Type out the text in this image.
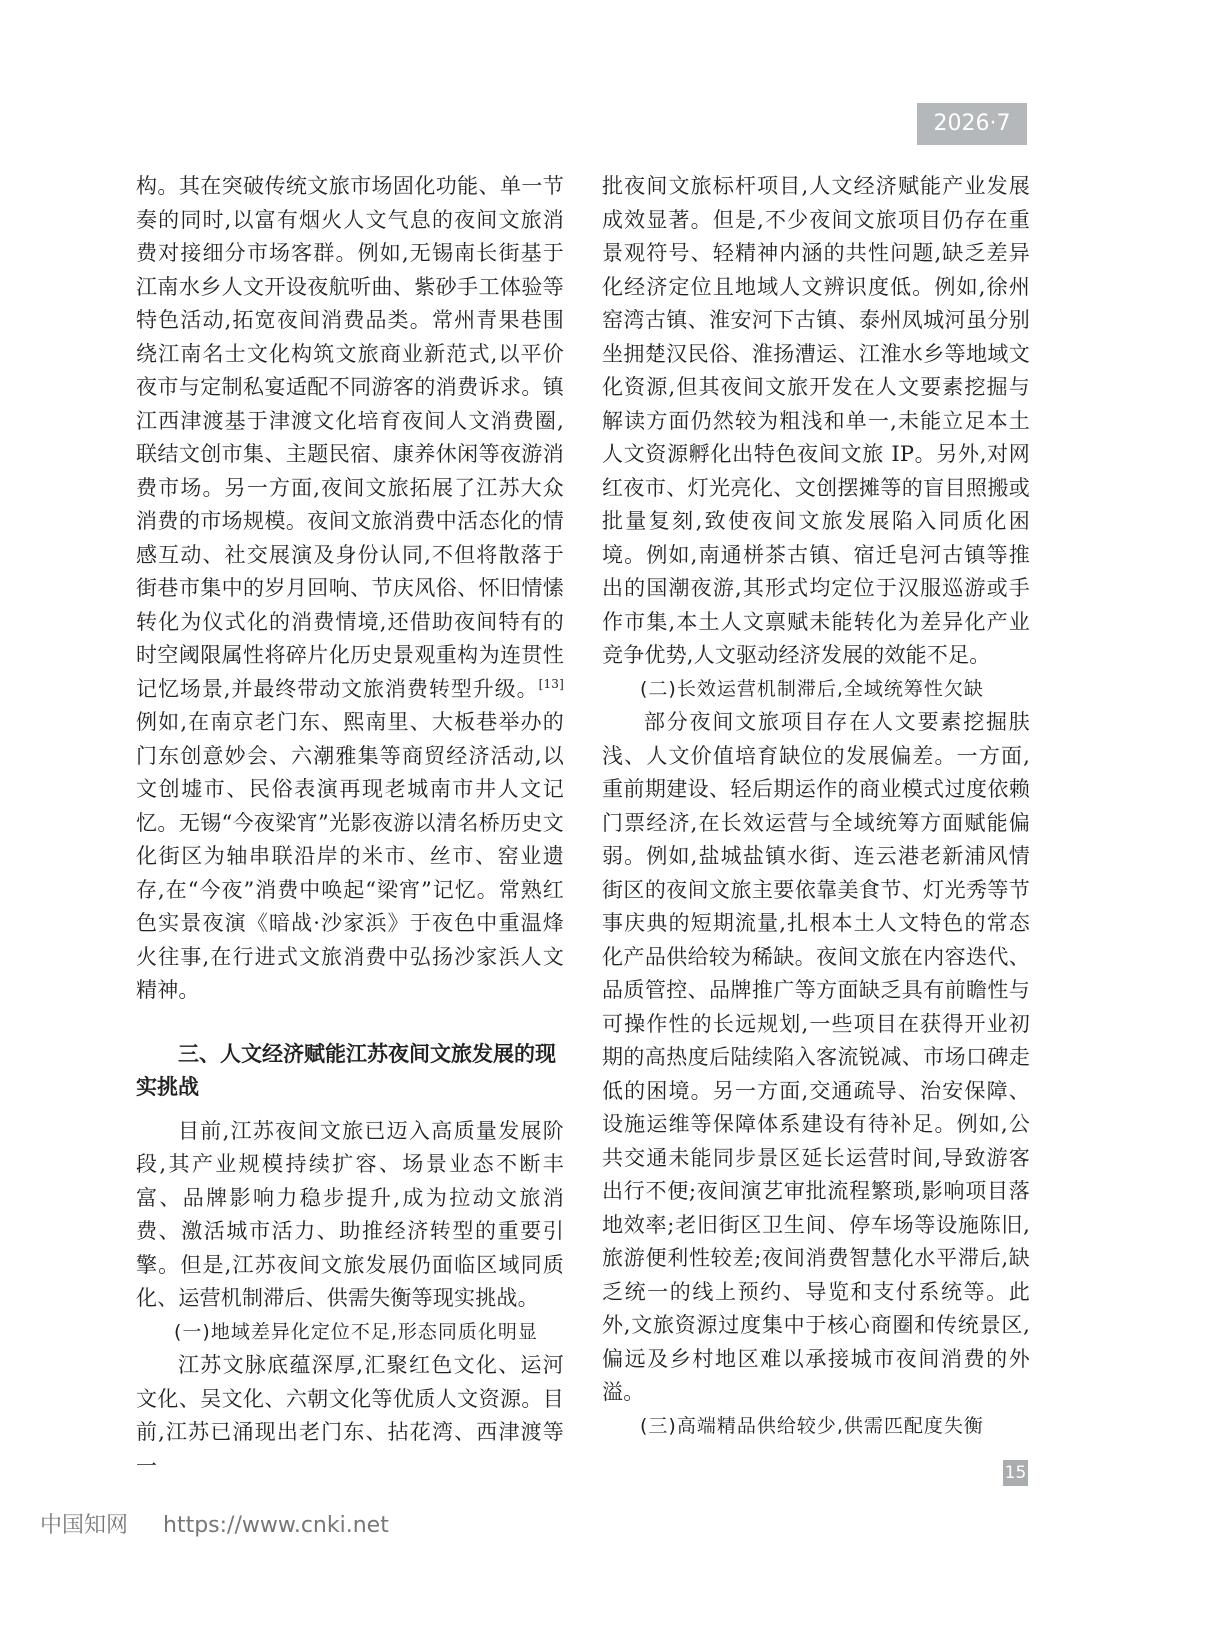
2026·7

构。其在突破传统文旅市场固化功能、单一节奏的同时,以富有烟火人文气息的夜间文旅消费对接细分市场客群。例如,无锡南长街基于江南水乡人文开设夜航听曲、紫砂手工体验等特色活动,拓宽夜间消费品类。常州青果巷围绕江南名士文化构筑文旅商业新范式,以平价夜市与定制私宴适配不同游客的消费诉求。镇江西津渡基于津渡文化培育夜间人文消费圈,联结文创市集、主题民宿、康养休闲等夜游消费市场。另一方面,夜间文旅拓展了江苏大众消费的市场规模。夜间文旅消费中活态化的情感互动、社交展演及身份认同,不但将散落于街巷市集中的岁月回响、节庆风俗、怀旧情愫转化为仪式化的消费情境,还借助夜间特有的时空阈限属性将碎片化历史景观重构为连贯性记忆场景,并最终带动文旅消费转型升级。[13]例如,在南京老门东、熙南里、大板巷举办的门东创意妙会、六潮雅集等商贸经济活动,以文创墟市、民俗表演再现老城南市井人文记忆。无锡“今夜梁宵”光影夜游以清名桥历史文化街区为轴串联沿岸的米市、丝市、窑业遗存,在“今夜”消费中唤起“梁宵”记忆。常熟红色实景夜演《暗战·沙家浜》于夜色中重温烽火往事,在行进式文旅消费中弘扬沙家浜人文精神。

三、人文经济赋能江苏夜间文旅发展的现实挑战

目前,江苏夜间文旅已迈入高质量发展阶段,其产业规模持续扩容、场景业态不断丰富、品牌影响力稳步提升,成为拉动文旅消费、激活城市活力、助推经济转型的重要引擎。但是,江苏夜间文旅发展仍面临区域同质化、运营机制滞后、供需失衡等现实挑战。

(一)地域差异化定位不足,形态同质化明显

江苏文脉底蕴深厚,汇聚红色文化、运河文化、吴文化、六朝文化等优质人文资源。目前,江苏已涌现出老门东、拈花湾、西津渡等一

批夜间文旅标杆项目,人文经济赋能产业发展成效显著。但是,不少夜间文旅项目仍存在重景观符号、轻精神内涵的共性问题,缺乏差异化经济定位且地域人文辨识度低。例如,徐州窑湾古镇、淮安河下古镇、泰州凤城河虽分别坐拥楚汉民俗、淮扬漕运、江淮水乡等地域文化资源,但其夜间文旅开发在人文要素挖掘与解读方面仍然较为粗浅和单一,未能立足本土人文资源孵化出特色夜间文旅 IP。另外,对网红夜市、灯光亮化、文创摆摊等的盲目照搬或批量复刻,致使夜间文旅发展陷入同质化困境。例如,南通栟茶古镇、宿迁皂河古镇等推出的国潮夜游,其形式均定位于汉服巡游或手作市集,本土人文禀赋未能转化为差异化产业竞争优势,人文驱动经济发展的效能不足。

(二)长效运营机制滞后,全域统筹性欠缺

部分夜间文旅项目存在人文要素挖掘肤浅、人文价值培育缺位的发展偏差。一方面,重前期建设、轻后期运作的商业模式过度依赖门票经济,在长效运营与全域统筹方面赋能偏弱。例如,盐城盐镇水街、连云港老新浦风情街区的夜间文旅主要依靠美食节、灯光秀等节事庆典的短期流量,扎根本土人文特色的常态化产品供给较为稀缺。夜间文旅在内容迭代、品质管控、品牌推广等方面缺乏具有前瞻性与可操作性的长远规划,一些项目在获得开业初期的高热度后陆续陷入客流锐减、市场口碑走低的困境。另一方面,交通疏导、治安保障、设施运维等保障体系建设有待补足。例如,公共交通未能同步景区延长运营时间,导致游客出行不便;夜间演艺审批流程繁琐,影响项目落地效率;老旧街区卫生间、停车场等设施陈旧,旅游便利性较差;夜间消费智慧化水平滞后,缺乏统一的线上预约、导览和支付系统等。此外,文旅资源过度集中于核心商圈和传统景区,偏远及乡村地区难以承接城市夜间消费的外溢。

(三)高端精品供给较少,供需匹配度失衡
15
中国知网 https://www.cnki.net
